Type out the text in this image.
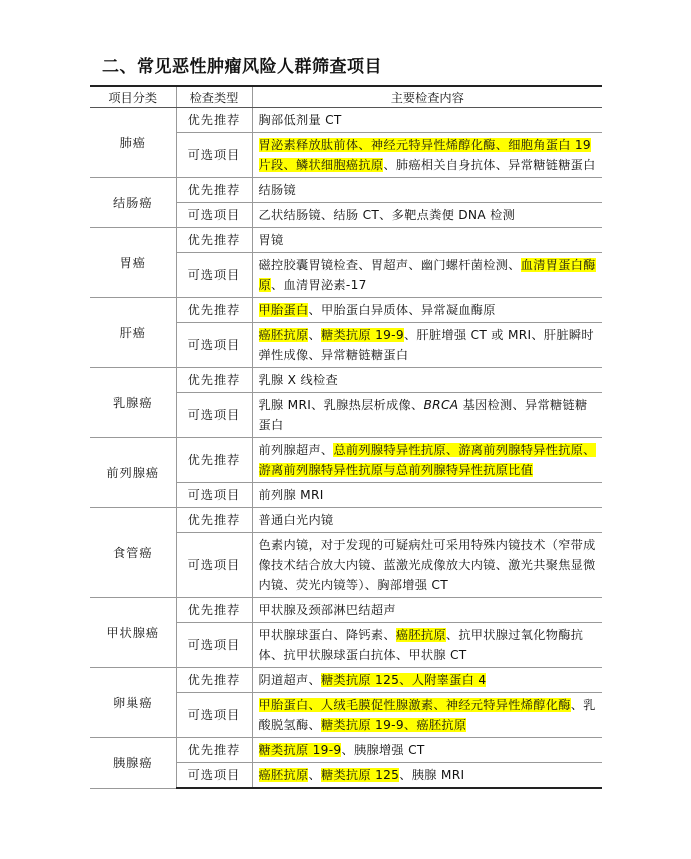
二、常见恶性肿瘤风险人群筛查项目
项目分类	检查类型	主要检查内容
肺癌	优先推荐	胸部低剂量 CT
	可选项目	胃泌素释放肽前体、神经元特异性烯醇化酶、细胞角蛋白 19 片段、鳞状细胞癌抗原、肺癌相关自身抗体、异常糖链糖蛋白
结肠癌	优先推荐	结肠镜
	可选项目	乙状结肠镜、结肠 CT、多靶点粪便 DNA 检测
胃癌	优先推荐	胃镜
	可选项目	磁控胶囊胃镜检查、胃超声、幽门螺杆菌检测、血清胃蛋白酶原、血清胃泌素-17
肝癌	优先推荐	甲胎蛋白、甲胎蛋白异质体、异常凝血酶原
	可选项目	癌胚抗原、糖类抗原 19-9、肝脏增强 CT 或 MRI、肝脏瞬时弹性成像、异常糖链糖蛋白
乳腺癌	优先推荐	乳腺 X 线检查
	可选项目	乳腺 MRI、乳腺热层析成像、BRCA 基因检测、异常糖链糖蛋白
前列腺癌	优先推荐	前列腺超声、总前列腺特异性抗原、游离前列腺特异性抗原、游离前列腺特异性抗原与总前列腺特异性抗原比值
	可选项目	前列腺 MRI
食管癌	优先推荐	普通白光内镜
	可选项目	色素内镜，对于发现的可疑病灶可采用特殊内镜技术（窄带成像技术结合放大内镜、蓝激光成像放大内镜、激光共聚焦显微内镜、荧光内镜等）、胸部增强 CT
甲状腺癌	优先推荐	甲状腺及颈部淋巴结超声
	可选项目	甲状腺球蛋白、降钙素、癌胚抗原、抗甲状腺过氧化物酶抗体、抗甲状腺球蛋白抗体、甲状腺 CT
卵巢癌	优先推荐	阴道超声、糖类抗原 125、人附睾蛋白 4
	可选项目	甲胎蛋白、人绒毛膜促性腺激素、神经元特异性烯醇化酶、乳酸脱氢酶、糖类抗原 19-9、癌胚抗原
胰腺癌	优先推荐	糖类抗原 19-9、胰腺增强 CT
	可选项目	癌胚抗原、糖类抗原 125、胰腺 MRI
